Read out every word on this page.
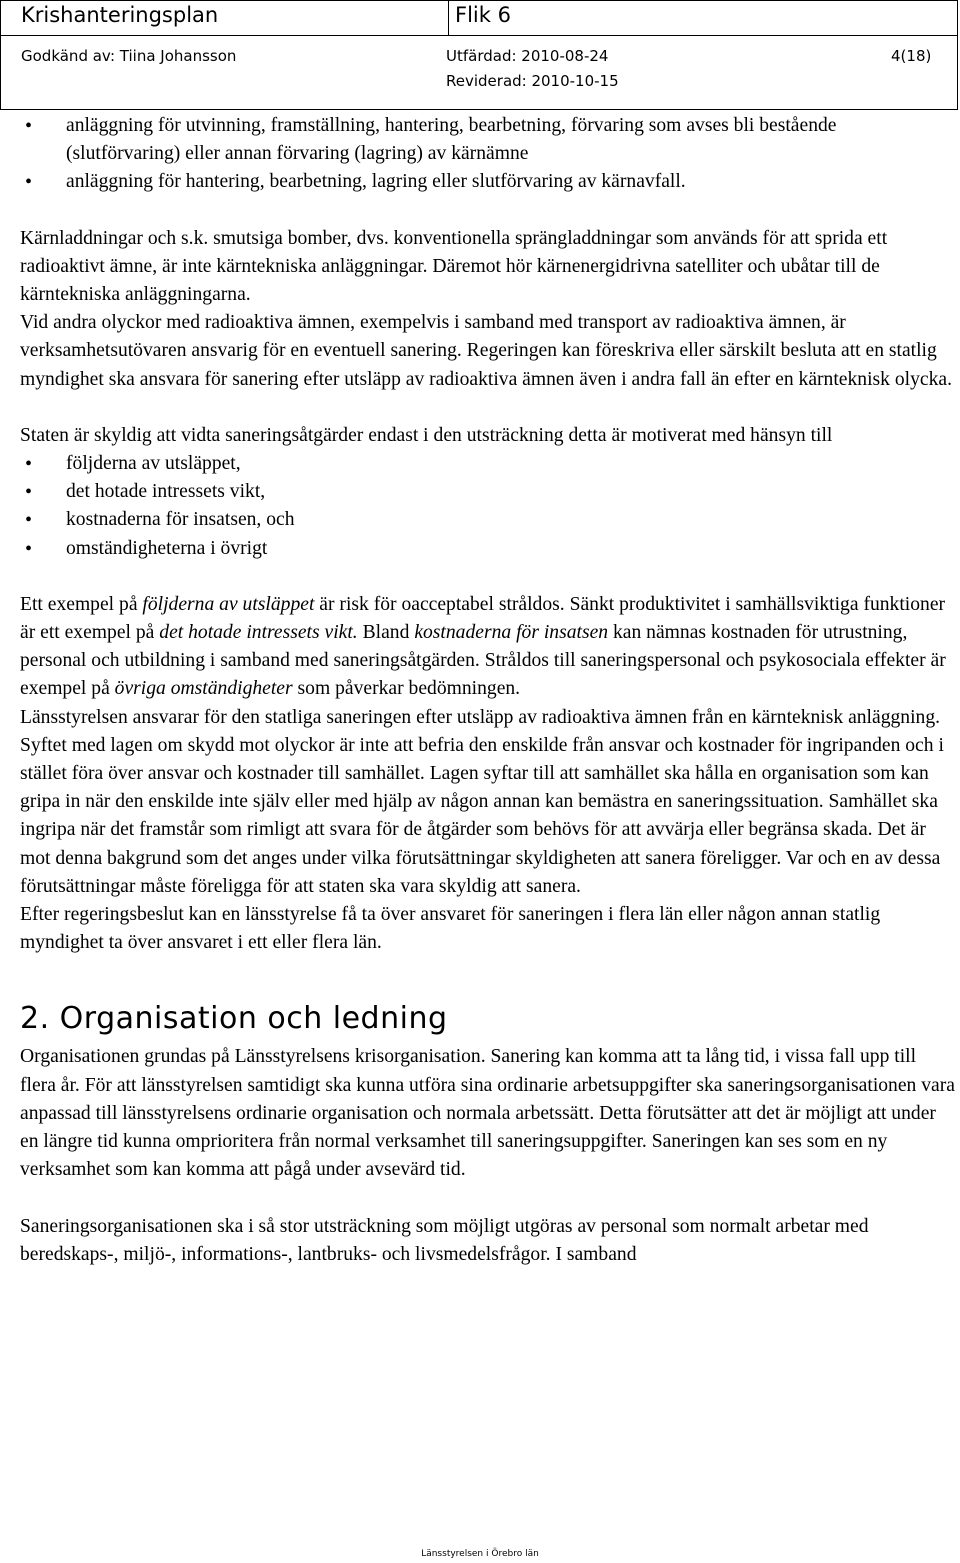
Krishanteringsplan	Flik 6
Godkänd av: Tiina Johansson	Utfärdad: 2010-08-24
Reviderad: 2010-10-15
4(18)
• anläggning för utvinning, framställning, hantering, bearbetning, förvaring som avses bli bestående (slutförvaring) eller annan förvaring (lagring) av kärnämne
• anläggning för hantering, bearbetning, lagring eller slutförvaring av kärnavfall.

Kärnladdningar och s.k. smutsiga bomber, dvs. konventionella sprängladdningar som används för att sprida ett radioaktivt ämne, är inte kärntekniska anläggningar. Däremot hör kärnenergidrivna satelliter och ubåtar till de kärntekniska anläggningarna.

Vid andra olyckor med radioaktiva ämnen, exempelvis i samband med transport av radioaktiva ämnen, är verksamhetsutövaren ansvarig för en eventuell sanering. Regeringen kan föreskriva eller särskilt besluta att en statlig myndighet ska ansvara för sanering efter utsläpp av radioaktiva ämnen även i andra fall än efter en kärnteknisk olycka.

Staten är skyldig att vidta saneringsåtgärder endast i den utsträckning detta är motiverat med hänsyn till

• följderna av utsläppet,
• det hotade intressets vikt,
• kostnaderna för insatsen, och
• omständigheterna i övrigt

Ett exempel på följderna av utsläppet är risk för oacceptabel stråldos. Sänkt produktivitet i samhällsviktiga funktioner är ett exempel på det hotade intressets vikt. Bland kostnaderna för insatsen kan nämnas kostnaden för utrustning, personal och utbildning i samband med saneringsåtgärden. Stråldos till saneringspersonal och psykosociala effekter är exempel på övriga omständigheter som påverkar bedömningen.

Länsstyrelsen ansvarar för den statliga saneringen efter utsläpp av radioaktiva ämnen från en kärnteknisk anläggning. Syftet med lagen om skydd mot olyckor är inte att befria den enskilde från ansvar och kostnader för ingripanden och i stället föra över ansvar och kostnader till samhället. Lagen syftar till att samhället ska hålla en organisation som kan gripa in när den enskilde inte själv eller med hjälp av någon annan kan bemästra en saneringssituation. Samhället ska ingripa när det framstår som rimligt att svara för de åtgärder som behövs för att avvärja eller begränsa skada. Det är mot denna bakgrund som det anges under vilka förutsättningar skyldigheten att sanera föreligger. Var och en av dessa förutsättningar måste föreligga för att staten ska vara skyldig att sanera.

Efter regeringsbeslut kan en länsstyrelse få ta över ansvaret för saneringen i flera län eller någon annan statlig myndighet ta över ansvaret i ett eller flera län.

2. Organisation och ledning

Organisationen grundas på Länsstyrelsens krisorganisation. Sanering kan komma att ta lång tid, i vissa fall upp till flera år. För att länsstyrelsen samtidigt ska kunna utföra sina ordinarie arbetsuppgifter ska saneringsorganisationen vara anpassad till länsstyrelsens ordinarie organisation och normala arbetssätt. Detta förutsätter att det är möjligt att under en längre tid kunna omprioritera från normal verksamhet till saneringsuppgifter. Saneringen kan ses som en ny verksamhet som kan komma att pågå under avsevärd tid.

Saneringsorganisationen ska i så stor utsträckning som möjligt utgöras av personal som normalt arbetar med beredskaps-, miljö-, informations-, lantbruks- och livsmedelsfrågor. I samband

Länsstyrelsen i Örebro län
